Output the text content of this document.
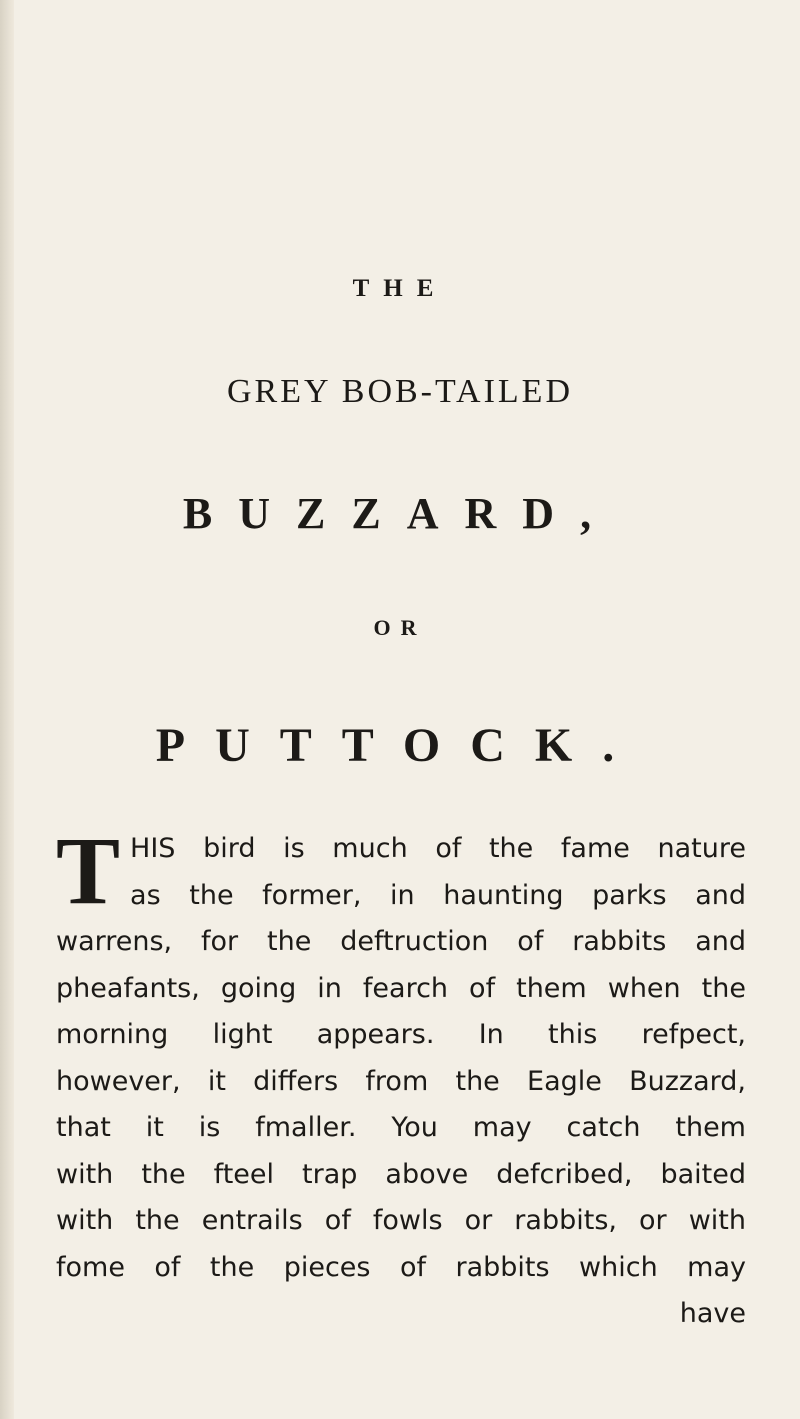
THE
GREY BOB-TAILED
BUZZARD,
OR
PUTTOCK.
T HIS bird is much of the fame nature
as the former, in haunting parks and
warrens, for the deftruction of rabbits and
pheafants, going in fearch of them when the
morning light appears. In this refpect,
however, it differs from the Eagle Buzzard,
that it is fmaller. You may catch them
with the fteel trap above defcribed, baited
with the entrails of fowls or rabbits, or with
fome of the pieces of rabbits which may
have
